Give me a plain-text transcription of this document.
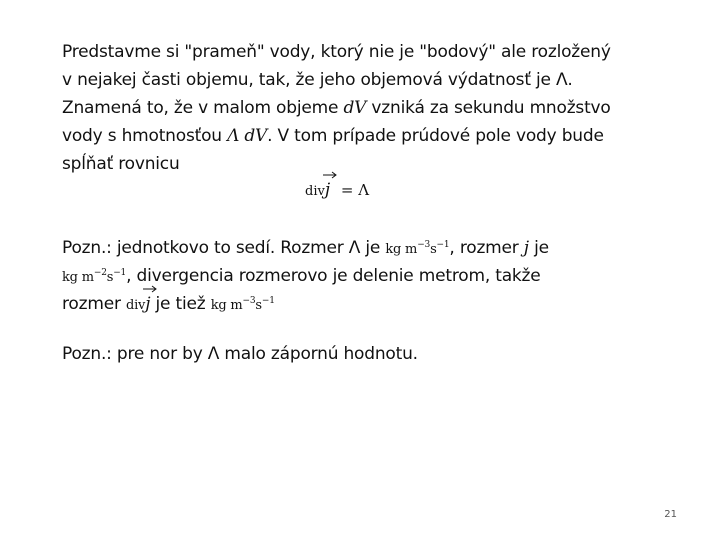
Predstavme si "prameň" vody, ktorý nie je "bodový" ale rozložený
v nejakej časti objemu, tak, že jeho objemová výdatnosť je Λ.
Znamená to, že v malom objeme dV vzniká za sekundu množstvo
vody s hmotnosťou Λ dV. V tom prípade prúdové pole vody bude
spĺňať rovnicu
div
j = Λ
Pozn.: jednotkovo to sedí. Rozmer Λ je kg $m^{-3}s^{-1}$, rozmer j je
kg $m^{-2}s^{-1}$, divergencia rozmerovo je delenie metrom, takže
rozmer div
j je tiež kg $m^{-3}s^{-1}$
Pozn.: pre nor by Λ malo zápornú hodnotu.
21
